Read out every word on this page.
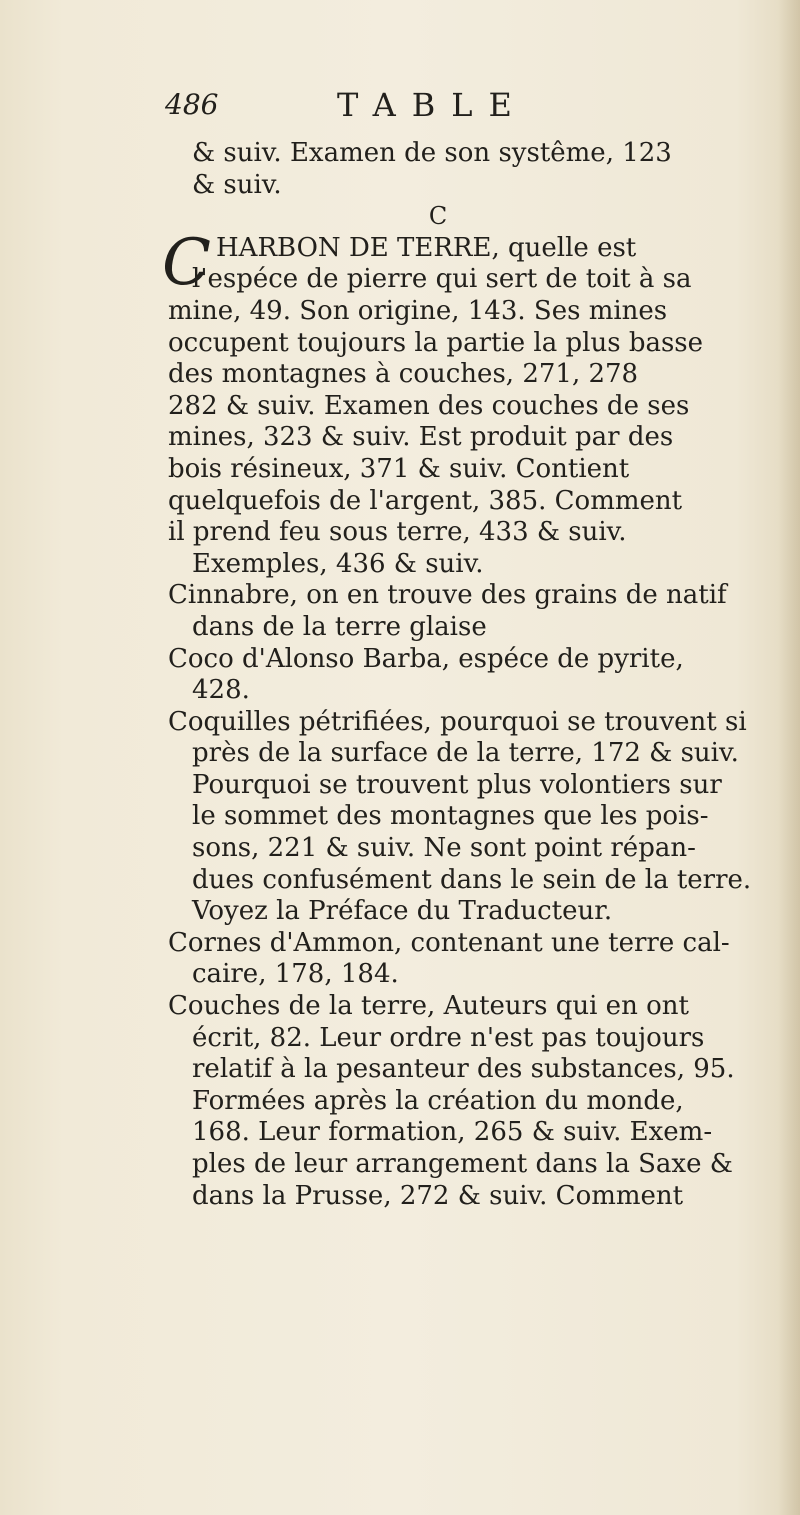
486	TABLE
& suiv. Examen de son systême, 123
& suiv.
C
C HARBON DE TERRE, quelle est
l'espéce de pierre qui sert de toit à sa
mine, 49. Son origine, 143. Ses mines
occupent toujours la partie la plus basse
des montagnes à couches, 271, 278
282 & suiv. Examen des couches de ses
mines, 323 & suiv. Est produit par des
bois résineux, 371 & suiv. Contient
quelquefois de l'argent, 385. Comment
il prend feu sous terre, 433 & suiv.
Exemples, 436 & suiv.
Cinnabre, on en trouve des grains de natif
dans de la terre glaise
Coco d'Alonso Barba, espéce de pyrite,
428.
Coquilles pétrifiées, pourquoi se trouvent si
près de la surface de la terre, 172 & suiv.
Pourquoi se trouvent plus volontiers sur
le sommet des montagnes que les pois-
sons, 221 & suiv. Ne sont point répan-
dues confusément dans le sein de la terre.
Voyez la Préface du Traducteur.
Cornes d'Ammon, contenant une terre cal-
caire, 178, 184.
Couches de la terre, Auteurs qui en ont
écrit, 82. Leur ordre n'est pas toujours
relatif à la pesanteur des substances, 95.
Formées après la création du monde,
168. Leur formation, 265 & suiv. Exem-
ples de leur arrangement dans la Saxe &
dans la Prusse, 272 & suiv. Comment
